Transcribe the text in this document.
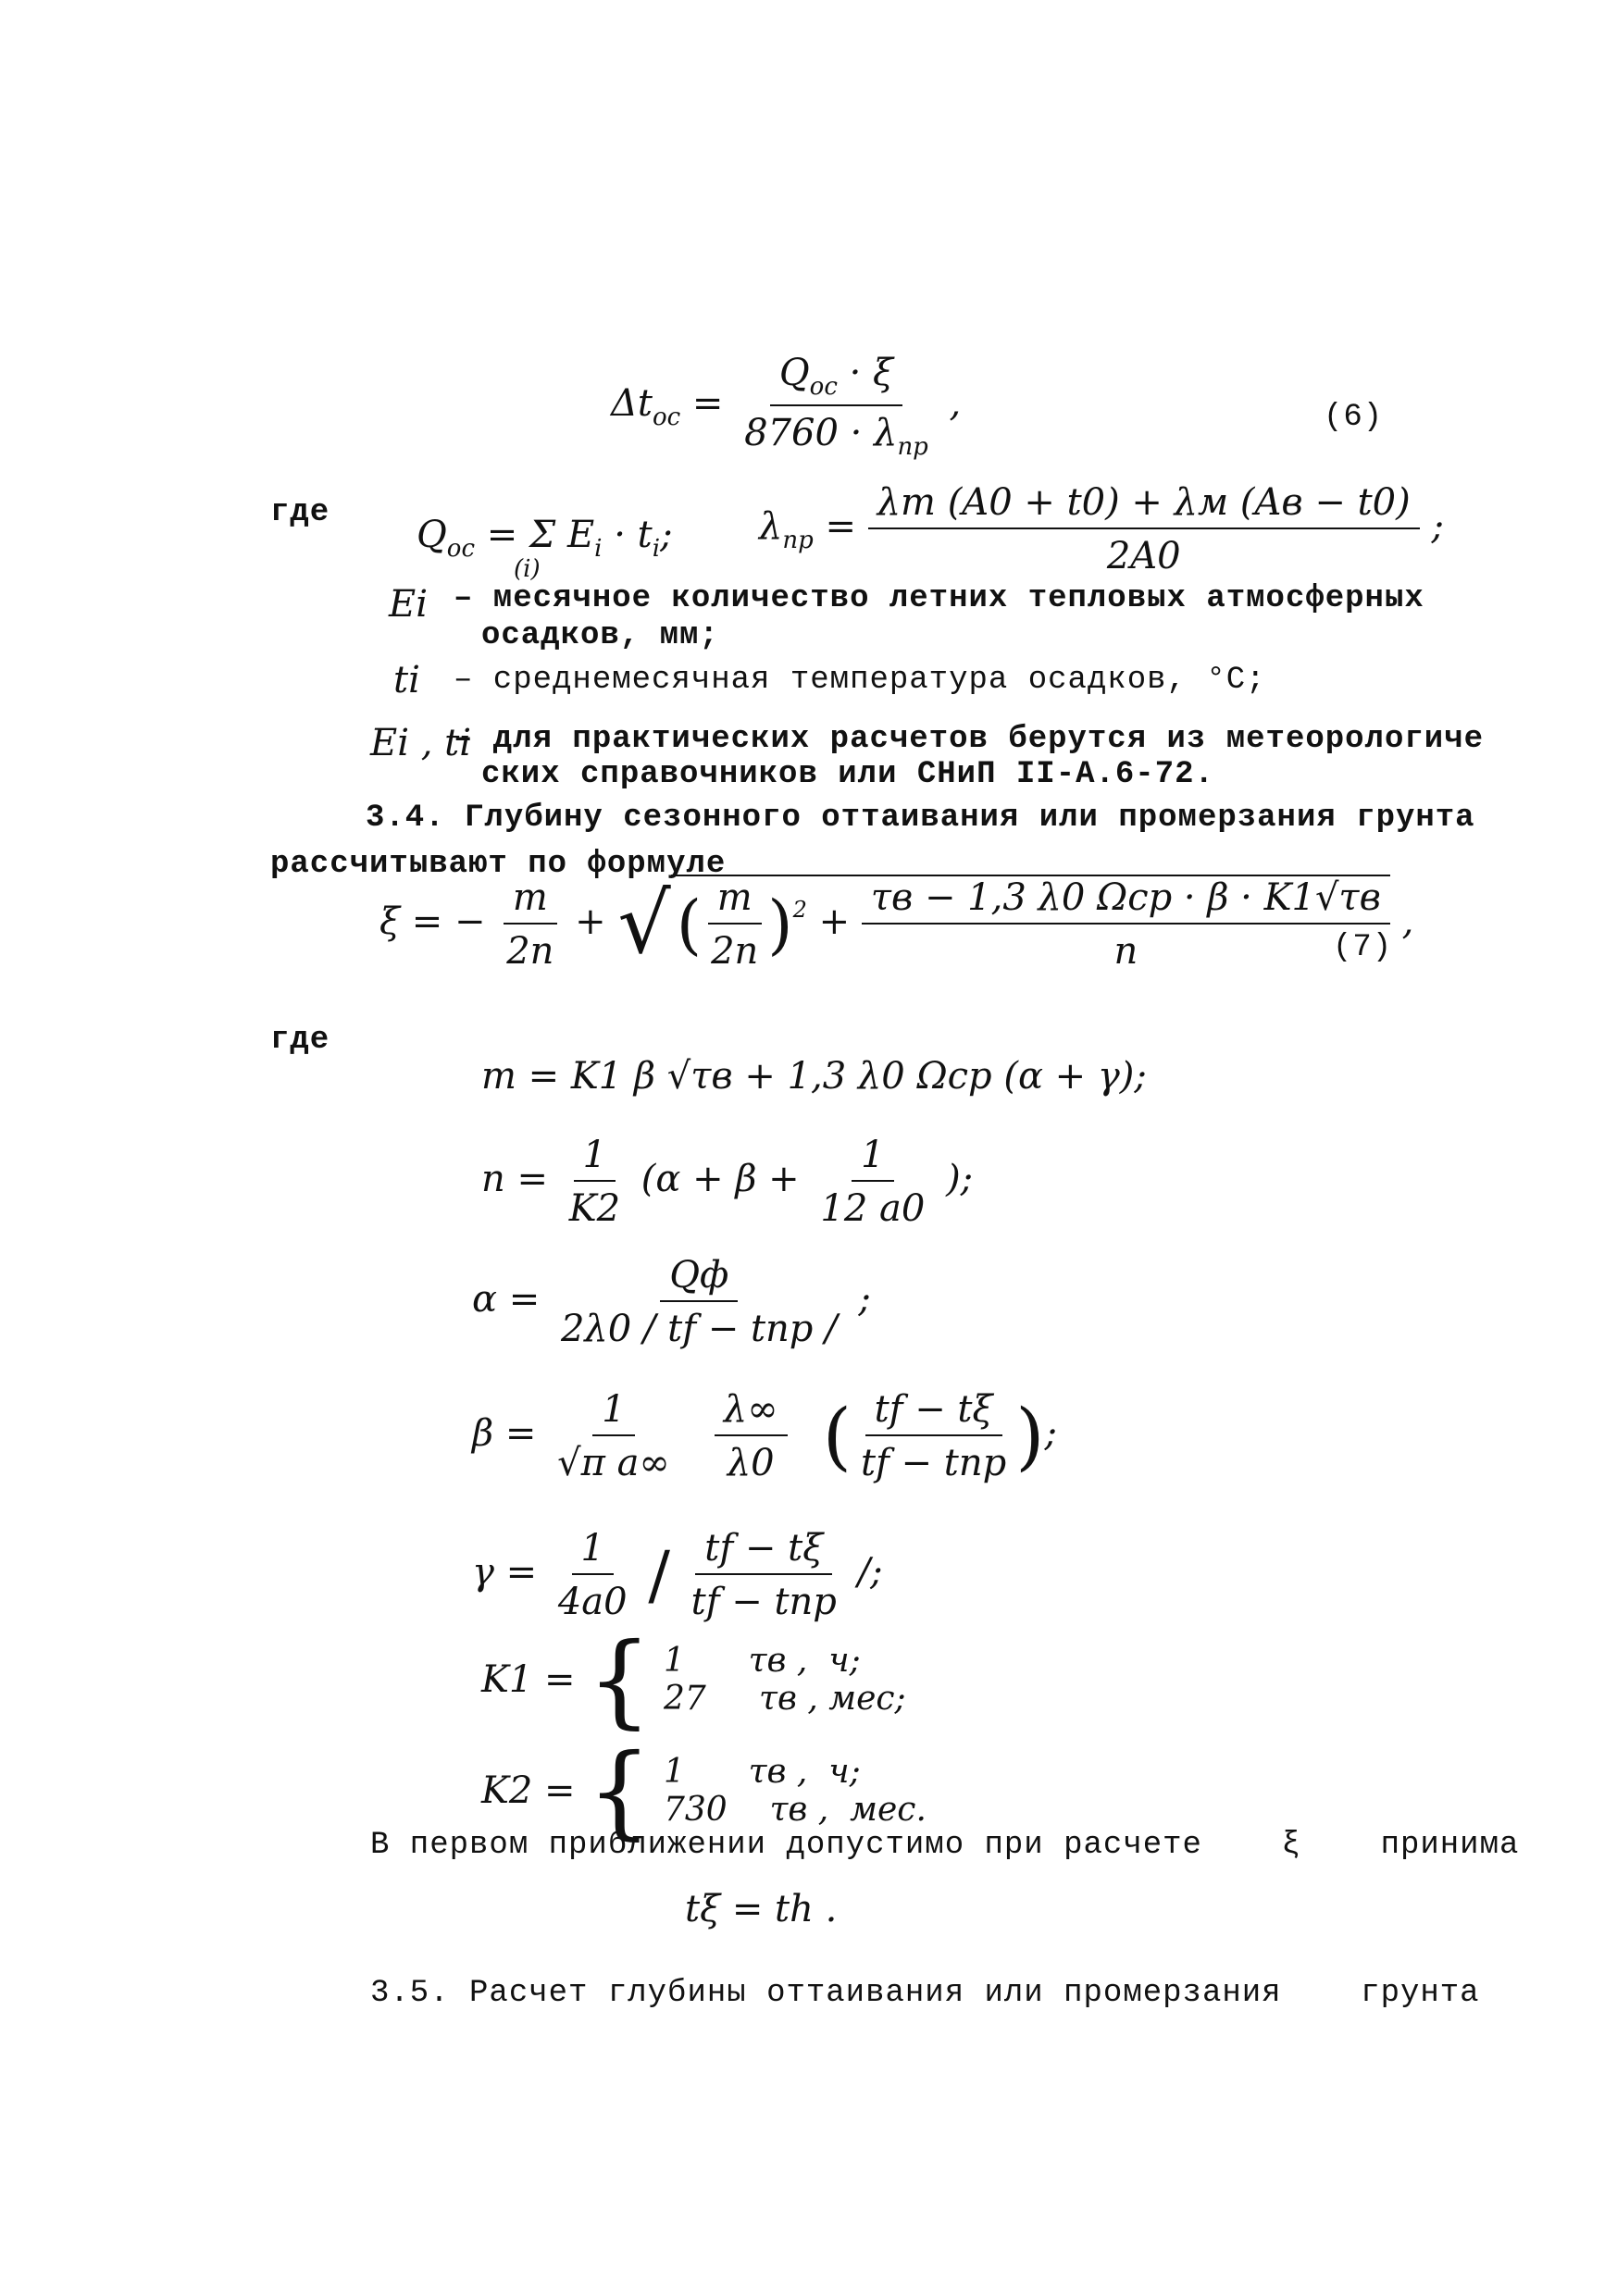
$\Delta t_{ос} = \frac{Q_{ос} \cdot \xi}{8760 \cdot \lambda_{пр}}$ ,	(6)
где
$Q_{ос} = \Sigma$ $E_i \cdot t_i$;
(i)
$\lambda_{пр} = \frac{\lambda т (A0 + t0) + \lambda м (Aв - t0)}{2A0}$ ;
Ei – месячное количество летних тепловых атмосферных
осадков, мм;
ti – среднемесячная температура осадков, °С;
Ei , ti
– для практических расчетов берутся из метеорологиче
ских справочников или СНиП II-А.6-72.
3.4. Глубину сезонного оттаивания или промерзания грунта
рассчитывают по формуле
ξ = − $\frac{m}{2n}$ + √( $\frac{m}{2n} )^2 + \frac{\text{τв − 1,3 λ0 Ωср · β · K1√τв}}{n}$ ,
(7)
где
m = K1 β √τв + 1,3 λ0 Ωср (α + γ);
$n = \frac{1}{K2} (\alpha + \beta + \frac{1}{12 a0}$ );
$\alpha = \frac{Qф}{\text{2λ0 / tf − tпр /}}$ ;
$\beta = \frac{1}{\text{√π a∞}}$
$\frac{\lambda\infty}{\lambda 0}$ ( $\frac{tf - t\xi}{\text{tf − tпр}}$ );
$\gamma = \frac{1}{4a0} / \frac{tf - t\xi}{\text{tf − tпр}}$ /;
K1 = { 1      τв ,  ч;
27     τв , мес;
K2 = { 1      τв ,  ч;
730    τв ,  мес.
В первом приближении допустимо при расчете    ξ    принима
tξ = th .
3.5. Расчет глубины оттаивания или промерзания    грунта
